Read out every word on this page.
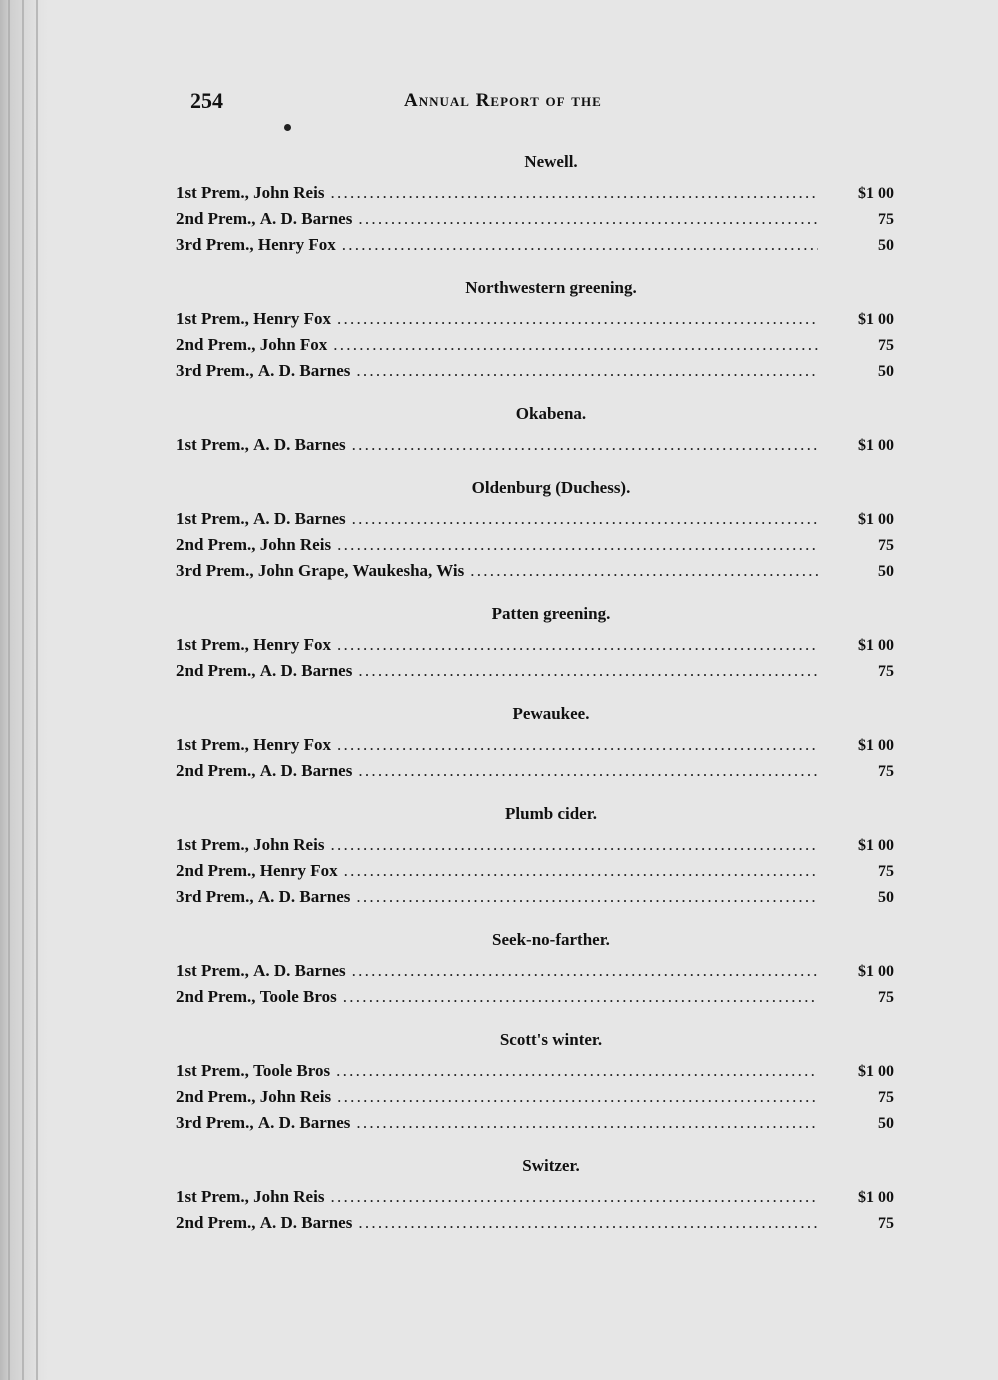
254	Annual Report of the
Newell.
1st Prem. , John Reis . . .	$1 00
2nd Prem. , A. D. Barnes . . .	75
3rd Prem. , Henry Fox . . .	50
Northwestern greening.
1st Prem. , Henry Fox . . .	$1 00
2nd Prem. , John Fox . . .	75
3rd Prem. , A. D. Barnes . . .	50
Okabena.
1st Prem. , A. D. Barnes . . .	$1 00
Oldenburg (Duchess).
1st Prem. , A. D. Barnes . . .	$1 00
2nd Prem. , John Reis . . .	75
3rd Prem. , John Grape, Waukesha, Wis . . .	50
Patten greening.
1st Prem. , Henry Fox . . .	$1 00
2nd Prem. , A. D. Barnes . . .	75
Pewaukee.
1st Prem. , Henry Fox . . .	$1 00
2nd Prem. , A. D. Barnes . . .	75
Plumb cider.
1st Prem. , John Reis . . .	$1 00
2nd Prem. , Henry Fox . . .	75
3rd Prem. , A. D. Barnes . . .	50
Seek-no-farther.
1st Prem. , A. D. Barnes . . .	$1 00
2nd Prem. , Toole Bros . . .	75
Scott's winter.
1st Prem. , Toole Bros . . .	$1 00
2nd Prem. , John Reis . . .	75
3rd Prem. , A. D. Barnes . . .	50
Switzer.
1st Prem. , John Reis . . .	$1 00
2nd Prem. , A. D. Barnes . . .	75
